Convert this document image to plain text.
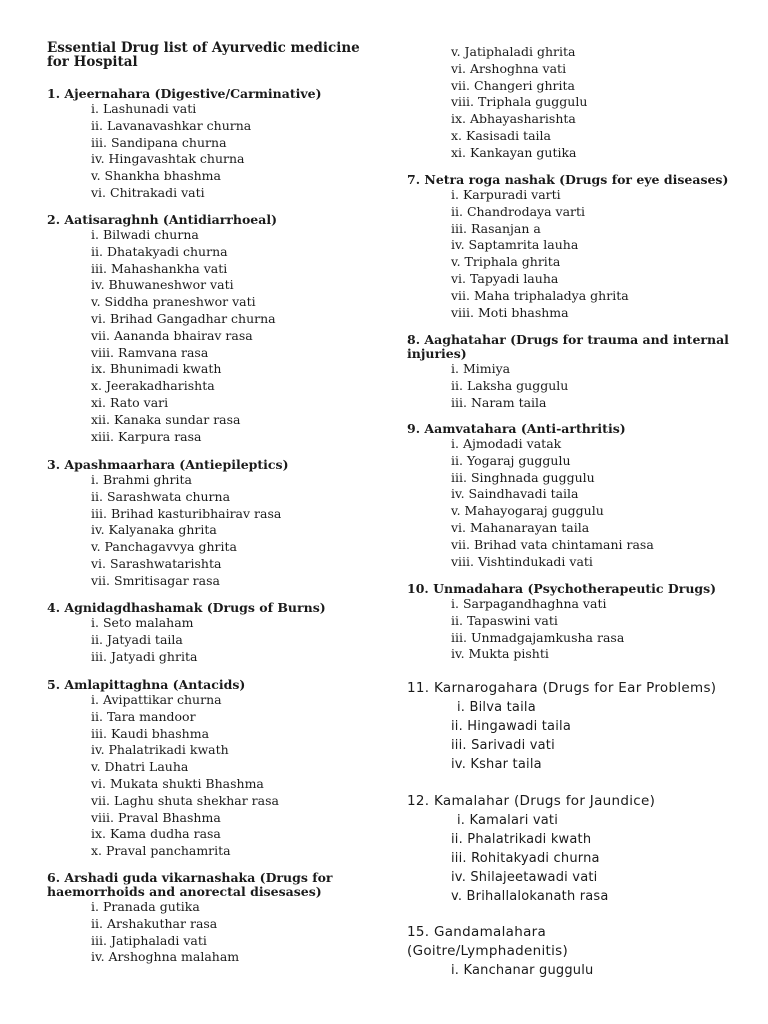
Essential Drug list of Ayurvedic medicine for Hospital
1. Ajeernahara (Digestive/Carminative)
i. Lashunadi vati
ii. Lavanavashkar churna
iii. Sandipana churna
iv. Hingavashtak churna
v. Shankha bhashma
vi. Chitrakadi vati
2. Aatisaraghnh (Antidiarrhoeal)
i. Bilwadi churna
ii. Dhatakyadi churna
iii. Mahashankha vati
iv. Bhuwaneshwor vati
v. Siddha praneshwor vati
vi. Brihad Gangadhar churna
vii. Aananda bhairav rasa
viii. Ramvana rasa
ix. Bhunimadi kwath
x. Jeerakadharishta
xi. Rato vari
xii. Kanaka sundar rasa
xiii. Karpura rasa
3. Apashmaarhara (Antiepileptics)
i. Brahmi ghrita
ii. Sarashwata churna
iii. Brihad kasturibhairav rasa
iv. Kalyanaka ghrita
v. Panchagavvya ghrita
vi. Sarashwatarishta
vii. Smritisagar rasa
4. Agnidagdhashamak (Drugs of Burns)
i. Seto malaham
ii. Jatyadi taila
iii. Jatyadi ghrita
5. Amlapittaghna (Antacids)
i. Avipattikar churna
ii. Tara mandoor
iii. Kaudi bhashma
iv. Phalatrikadi kwath
v. Dhatri Lauha
vi. Mukata shukti Bhashma
vii. Laghu shuta shekhar rasa
viii. Praval Bhashma
ix. Kama dudha rasa
x. Praval panchamrita
6. Arshadi guda vikarnashaka (Drugs for haemorrhoids and anorectal disesases)
i. Pranada gutika
ii. Arshakuthar rasa
iii. Jatiphaladi vati
iv. Arshoghna malaham
v. Jatiphaladi ghrita
vi. Arshoghna vati
vii. Changeri ghrita
viii. Triphala guggulu
ix. Abhayasharishta
x. Kasisadi taila
xi. Kankayan gutika
7. Netra roga nashak (Drugs for eye diseases)
i. Karpuradi varti
ii. Chandrodaya varti
iii. Rasanjan a
iv. Saptamrita lauha
v. Triphala ghrita
vi. Tapyadi lauha
vii. Maha triphaladya ghrita
viii. Moti bhashma
8. Aaghatahar (Drugs for trauma and internal injuries)
i. Mimiya
ii. Laksha guggulu
iii. Naram taila
9. Aamvatahara (Anti-arthritis)
i. Ajmodadi vatak
ii. Yogaraj guggulu
iii. Singhnada guggulu
iv. Saindhavadi taila
v. Mahayogaraj guggulu
vi. Mahanarayan taila
vii. Brihad vata chintamani rasa
viii. Vishtindukadi vati
10. Unmadahara (Psychotherapeutic Drugs)
i. Sarpagandhaghna vati
ii. Tapaswini vati
iii. Unmadgajamkusha rasa
iv. Mukta pishti
11. Karnarogahara (Drugs for Ear Problems)
i. Bilva taila
ii. Hingawadi taila
iii. Sarivadi vati
iv. Kshar taila
12. Kamalahar (Drugs for Jaundice)
i. Kamalari vati
ii. Phalatrikadi kwath
iii. Rohitakyadi churna
iv. Shilajeetawadi vati
v. Brihallalokanath rasa
15. Gandamalahara (Goitre/Lymphadenitis)
i. Kanchanar guggulu
